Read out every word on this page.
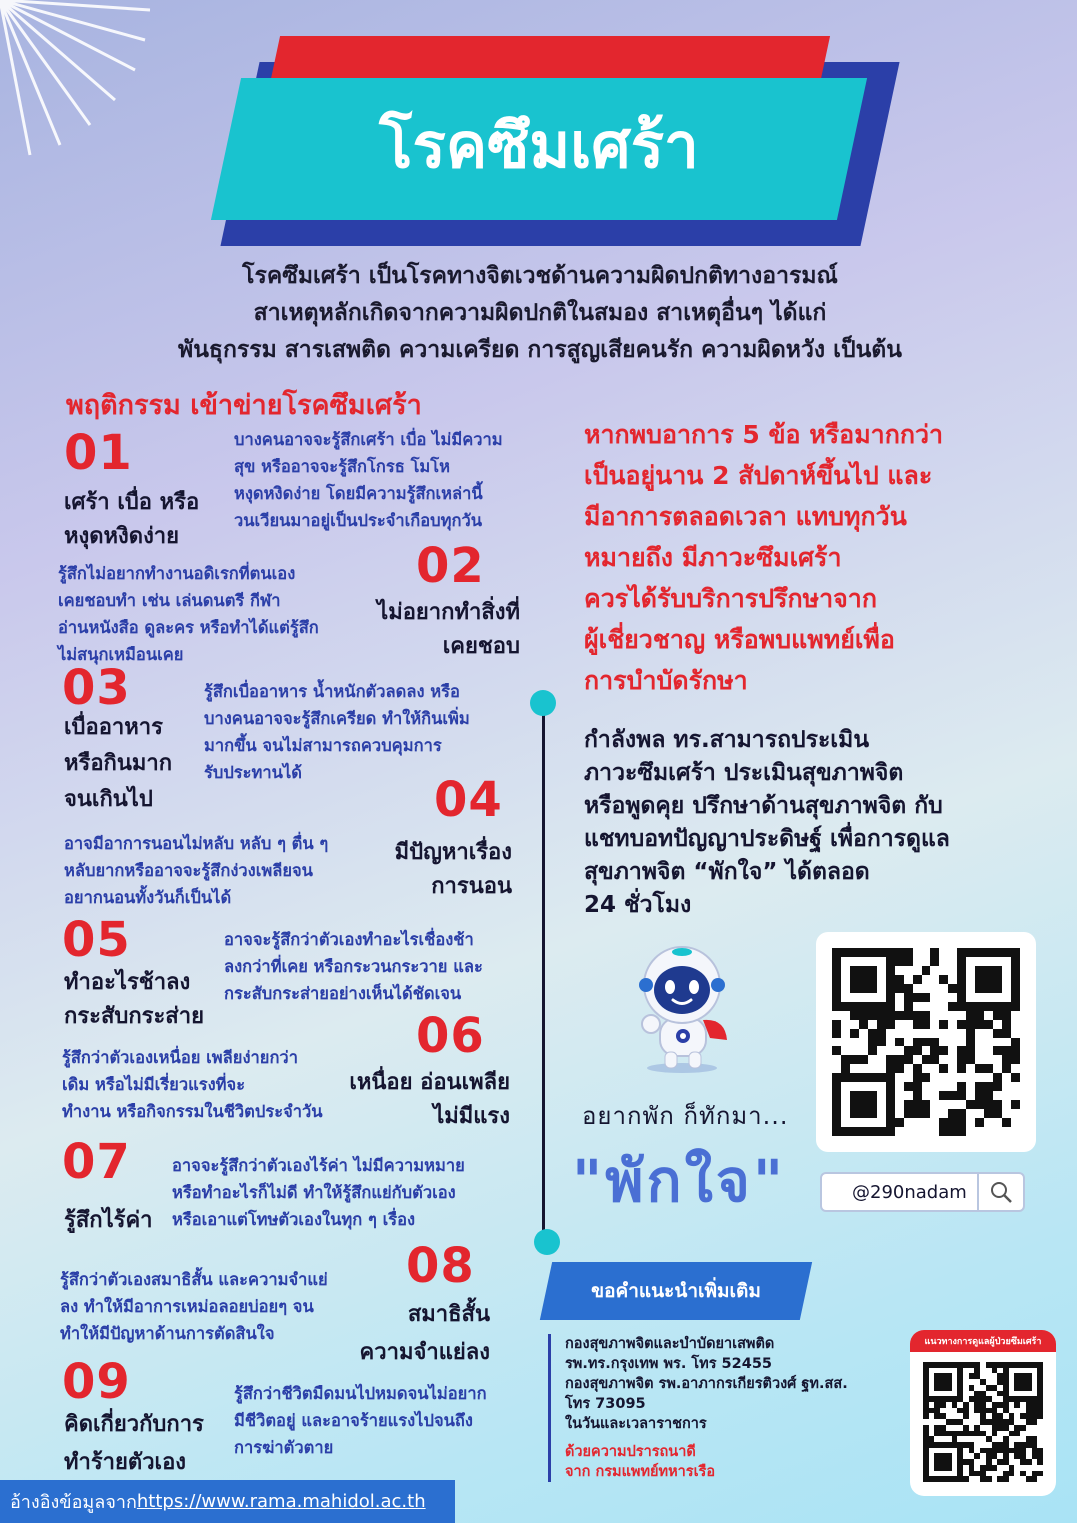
โรคซึมเศร้า
โรคซึมเศร้า เป็นโรคทางจิตเวชด้านความผิดปกติทางอารมณ์
สาเหตุหลักเกิดจากความผิดปกติในสมอง สาเหตุอื่นๆ ได้แก่
พันธุกรรม สารเสพติด ความเครียด การสูญเสียคนรัก ความผิดหวัง เป็นต้น
พฤติกรรม เข้าข่ายโรคซึมเศร้า
01
เศร้า เบื่อ หรือ
หงุดหงิดง่าย
บางคนอาจจะรู้สึกเศร้า เบื่อ ไม่มีความ
สุข หรืออาจจะรู้สึกโกรธ โมโห
หงุดหงิดง่าย โดยมีความรู้สึกเหล่านี้
วนเวียนมาอยู่เป็นประจำเกือบทุกวัน
02
ไม่อยากทำสิ่งที่
เคยชอบ
รู้สึกไม่อยากทำงานอดิเรกที่ตนเอง
เคยชอบทำ เช่น เล่นดนตรี กีฬา
อ่านหนังสือ ดูละคร หรือทำได้แต่รู้สึก
ไม่สนุกเหมือนเคย
03
เบื่ออาหาร
หรือกินมาก
จนเกินไป
รู้สึกเบื่ออาหาร น้ำหนักตัวลดลง หรือ
บางคนอาจจะรู้สึกเครียด ทำให้กินเพิ่ม
มากขึ้น จนไม่สามารถควบคุมการ
รับประทานได้	04
มีปัญหาเรื่อง
การนอน
อาจมีอาการนอนไม่หลับ หลับ ๆ ตื่น ๆ
หลับยากหรืออาจจะรู้สึกง่วงเพลียจน
อยากนอนทั้งวันก็เป็นได้
05
ทำอะไรช้าลง
กระสับกระส่าย
อาจจะรู้สึกว่าตัวเองทำอะไรเชื่องช้า
ลงกว่าที่เคย หรือกระวนกระวาย และ
กระสับกระส่ายอย่างเห็นได้ชัดเจน
06
เหนื่อย อ่อนเพลีย
ไม่มีแรง
รู้สึกว่าตัวเองเหนื่อย เพลียง่ายกว่า
เดิม หรือไม่มีเรี่ยวแรงที่จะ
ทำงาน หรือกิจกรรมในชีวิตประจำวัน
07
รู้สึกไร้ค่า
อาจจะรู้สึกว่าตัวเองไร้ค่า ไม่มีความหมาย
หรือทำอะไรก็ไม่ดี ทำให้รู้สึกแย่กับตัวเอง
หรือเอาแต่โทษตัวเองในทุก ๆ เรื่อง
08
สมาธิสั้น
ความจำแย่ลง
รู้สึกว่าตัวเองสมาธิสั้น และความจำแย่
ลง ทำให้มีอาการเหม่อลอยบ่อยๆ จน
ทำให้มีปัญหาด้านการตัดสินใจ
09
คิดเกี่ยวกับการ
ทำร้ายตัวเอง
รู้สึกว่าชีวิตมืดมนไปหมดจนไม่อยาก
มีชีวิตอยู่ และอาจร้ายแรงไปจนถึง
การฆ่าตัวตาย
หากพบอาการ 5 ข้อ หรือมากกว่า
เป็นอยู่นาน 2 สัปดาห์ขึ้นไป และ
มีอาการตลอดเวลา แทบทุกวัน
หมายถึง มีภาวะซึมเศร้า
ควรได้รับบริการปรึกษาจาก
ผู้เชี่ยวชาญ หรือพบแพทย์เพื่อ
การบำบัดรักษา
กำลังพล ทร.สามารถประเมิน
ภาวะซึมเศร้า ประเมินสุขภาพจิต
หรือพูดคุย ปรึกษาด้านสุขภาพจิต กับ
แชทบอทปัญญาประดิษฐ์ เพื่อการดูแล
สุขภาพจิต “พักใจ” ได้ตลอด
24 ชั่วโมง
อยากพัก ก็ทักมา...
"พักใจ"	@290nadam
ขอคำแนะนำเพิ่มเติม
กองสุขภาพจิตและบำบัดยาเสพติด
รพ.ทร.กรุงเทพ พร. โทร 52455
กองสุขภาพจิต รพ.อาภากรเกียรติวงศ์ ฐท.สส.
โทร 73095
ในวันและเวลาราชการ
ด้วยความปรารถนาดี
จาก กรมแพทย์ทหารเรือ
แนวทางการดูแลผู้ป่วยซึมเศร้า
อ้างอิงข้อมูลจาก https://www.rama.mahidol.ac.th
